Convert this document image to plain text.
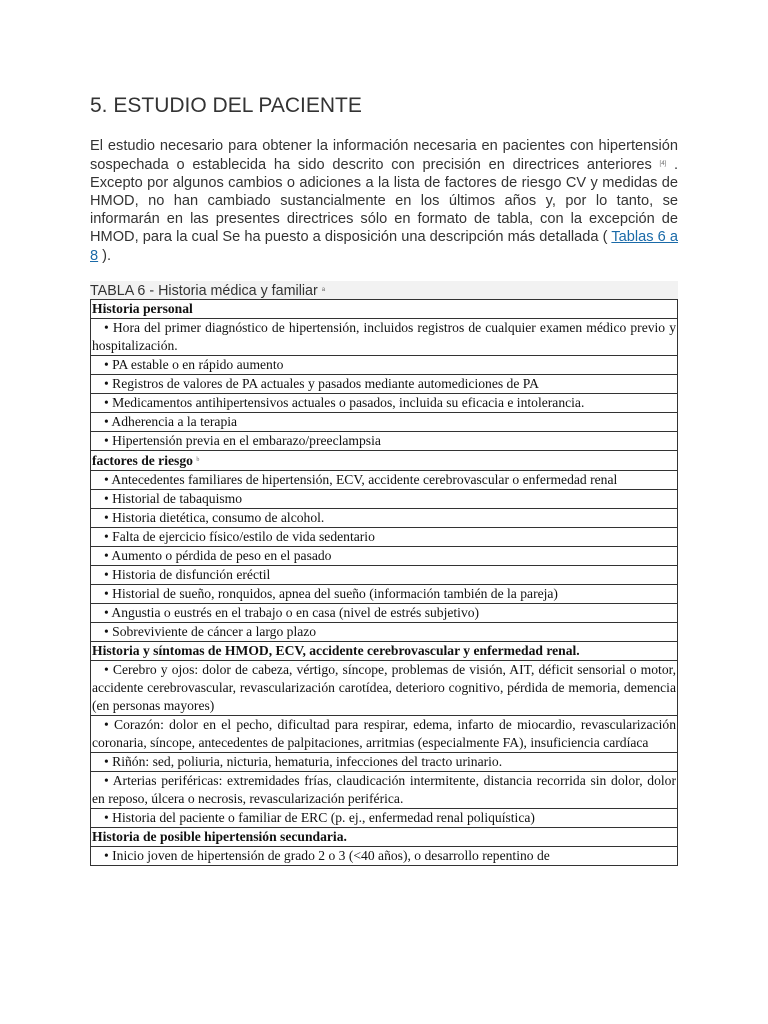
5. ESTUDIO DEL PACIENTE

El estudio necesario para obtener la información necesaria en pacientes con hipertensión sospechada o establecida ha sido descrito con precisión en directrices anteriores [4] . Excepto por algunos cambios o adiciones a la lista de factores de riesgo CV y medidas de HMOD, no han cambiado sustancialmente en los últimos años y, por lo tanto, se informarán en las presentes directrices sólo en formato de tabla, con la excepción de HMOD, para la cual Se ha puesto a disposición una descripción más detallada ( Tablas 6 a 8 ).

TABLA 6 - Historia médica y familiar $^a$
Historia personal
• Hora del primer diagnóstico de hipertensión, incluidos registros de cualquier examen médico previo y hospitalización.
• PA estable o en rápido aumento
• Registros de valores de PA actuales y pasados mediante automediciones de PA
• Medicamentos antihipertensivos actuales o pasados, incluida su eficacia e intolerancia.
• Adherencia a la terapia
• Hipertensión previa en el embarazo/preeclampsia
factores de riesgo $^b$
• Antecedentes familiares de hipertensión, ECV, accidente cerebrovascular o enfermedad renal
• Historial de tabaquismo
• Historia dietética, consumo de alcohol.
• Falta de ejercicio físico/estilo de vida sedentario
• Aumento o pérdida de peso en el pasado
• Historia de disfunción eréctil
• Historial de sueño, ronquidos, apnea del sueño (información también de la pareja)
• Angustia o eustrés en el trabajo o en casa (nivel de estrés subjetivo)
• Sobreviviente de cáncer a largo plazo
Historia y síntomas de HMOD, ECV, accidente cerebrovascular y enfermedad renal.
• Cerebro y ojos: dolor de cabeza, vértigo, síncope, problemas de visión, AIT, déficit sensorial o motor, accidente cerebrovascular, revascularización carotídea, deterioro cognitivo, pérdida de memoria, demencia (en personas mayores)
• Corazón: dolor en el pecho, dificultad para respirar, edema, infarto de miocardio, revascularización coronaria, síncope, antecedentes de palpitaciones, arritmias (especialmente FA), insuficiencia cardíaca
• Riñón: sed, poliuria, nicturia, hematuria, infecciones del tracto urinario.
• Arterias periféricas: extremidades frías, claudicación intermitente, distancia recorrida sin dolor, dolor en reposo, úlcera o necrosis, revascularización periférica.
• Historia del paciente o familiar de ERC (p. ej., enfermedad renal poliquística)
Historia de posible hipertensión secundaria.
• Inicio joven de hipertensión de grado 2 o 3 (<40 años), o desarrollo repentino de
